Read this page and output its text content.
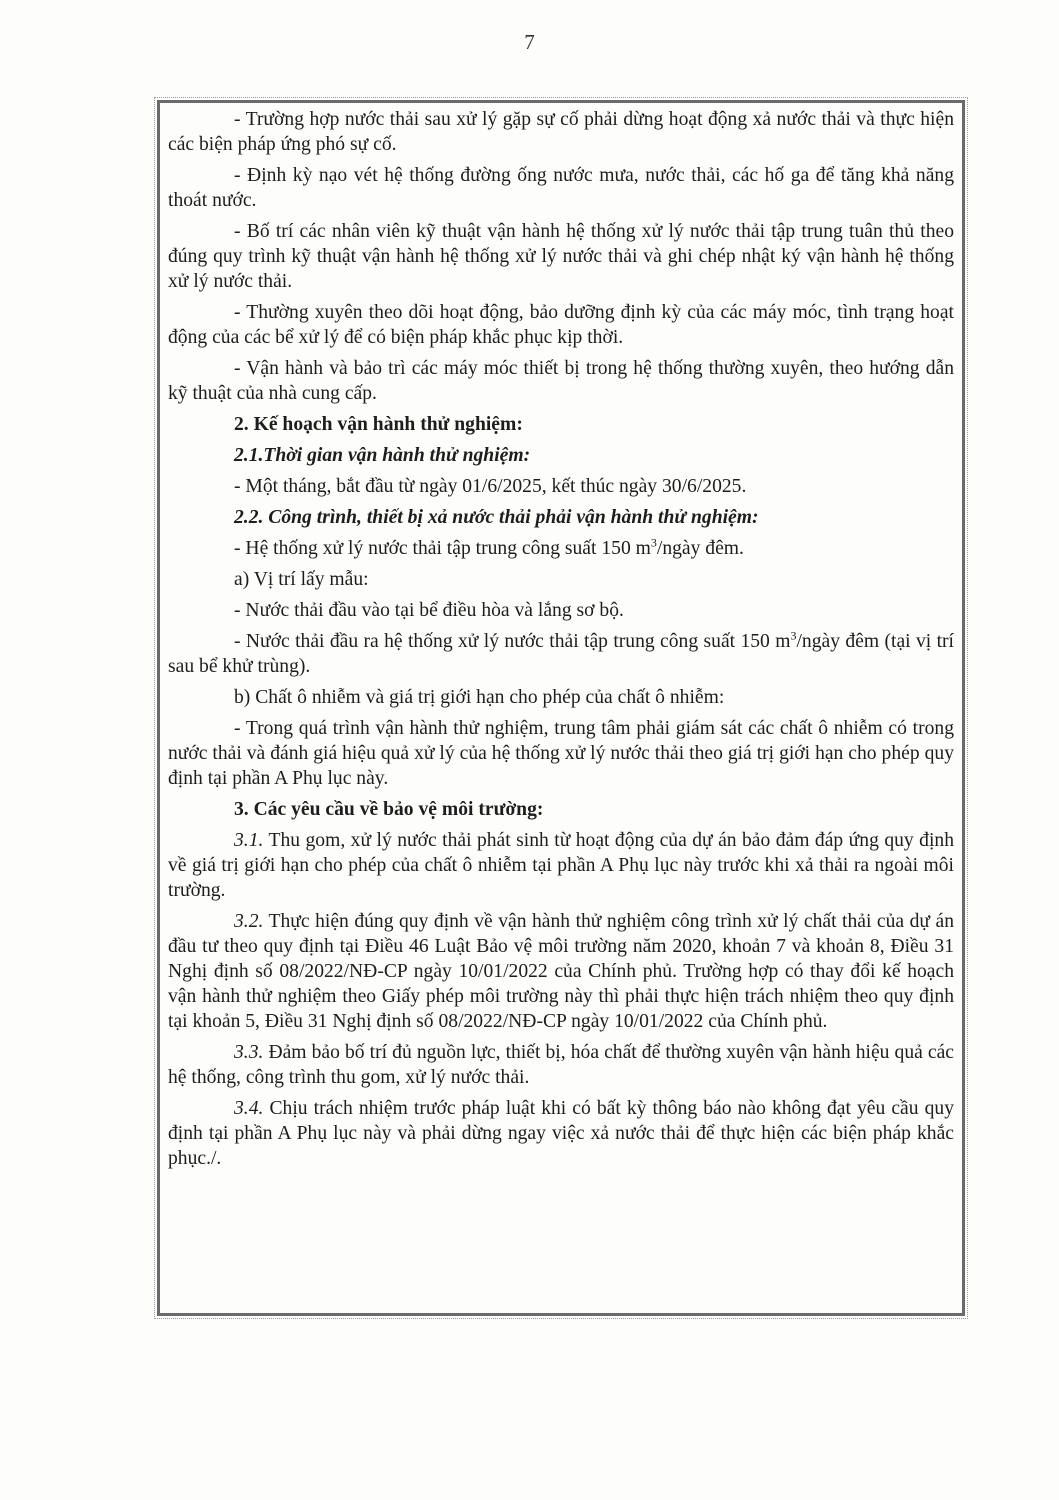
7

- Trường hợp nước thải sau xử lý gặp sự cố phải dừng hoạt động xả nước thải và thực hiện các biện pháp ứng phó sự cố.

- Định kỳ nạo vét hệ thống đường ống nước mưa, nước thải, các hố ga để tăng khả năng thoát nước.

- Bố trí các nhân viên kỹ thuật vận hành hệ thống xử lý nước thải tập trung tuân thủ theo đúng quy trình kỹ thuật vận hành hệ thống xử lý nước thải và ghi chép nhật ký vận hành hệ thống xử lý nước thải.

- Thường xuyên theo dõi hoạt động, bảo dưỡng định kỳ của các máy móc, tình trạng hoạt động của các bể xử lý để có biện pháp khắc phục kịp thời.

- Vận hành và bảo trì các máy móc thiết bị trong hệ thống thường xuyên, theo hướng dẫn kỹ thuật của nhà cung cấp.

2. Kế hoạch vận hành thử nghiệm:

2.1.Thời gian vận hành thử nghiệm:

- Một tháng, bắt đầu từ ngày 01/6/2025, kết thúc ngày 30/6/2025.

2.2. Công trình, thiết bị xả nước thải phải vận hành thử nghiệm:

- Hệ thống xử lý nước thải tập trung công suất 150 $m^3$/ngày đêm.

a) Vị trí lấy mẫu:

- Nước thải đầu vào tại bể điều hòa và lắng sơ bộ.

- Nước thải đầu ra hệ thống xử lý nước thải tập trung công suất 150 $m^3$/ngày đêm (tại vị trí sau bể khử trùng).

b) Chất ô nhiễm và giá trị giới hạn cho phép của chất ô nhiễm:

- Trong quá trình vận hành thử nghiệm, trung tâm phải giám sát các chất ô nhiễm có trong nước thải và đánh giá hiệu quả xử lý của hệ thống xử lý nước thải theo giá trị giới hạn cho phép quy định tại phần A Phụ lục này.

3. Các yêu cầu về bảo vệ môi trường:

3.1. Thu gom, xử lý nước thải phát sinh từ hoạt động của dự án bảo đảm đáp ứng quy định về giá trị giới hạn cho phép của chất ô nhiễm tại phần A Phụ lục này trước khi xả thải ra ngoài môi trường.

3.2. Thực hiện đúng quy định về vận hành thử nghiệm công trình xử lý chất thải của dự án đầu tư theo quy định tại Điều 46 Luật Bảo vệ môi trường năm 2020, khoản 7 và khoản 8, Điều 31 Nghị định số 08/2022/NĐ-CP ngày 10/01/2022 của Chính phủ. Trường hợp có thay đổi kế hoạch vận hành thử nghiệm theo Giấy phép môi trường này thì phải thực hiện trách nhiệm theo quy định tại khoản 5, Điều 31 Nghị định số 08/2022/NĐ-CP ngày 10/01/2022 của Chính phủ.

3.3. Đảm bảo bố trí đủ nguồn lực, thiết bị, hóa chất để thường xuyên vận hành hiệu quả các hệ thống, công trình thu gom, xử lý nước thải.

3.4. Chịu trách nhiệm trước pháp luật khi có bất kỳ thông báo nào không đạt yêu cầu quy định tại phần A Phụ lục này và phải dừng ngay việc xả nước thải để thực hiện các biện pháp khắc phục./.
